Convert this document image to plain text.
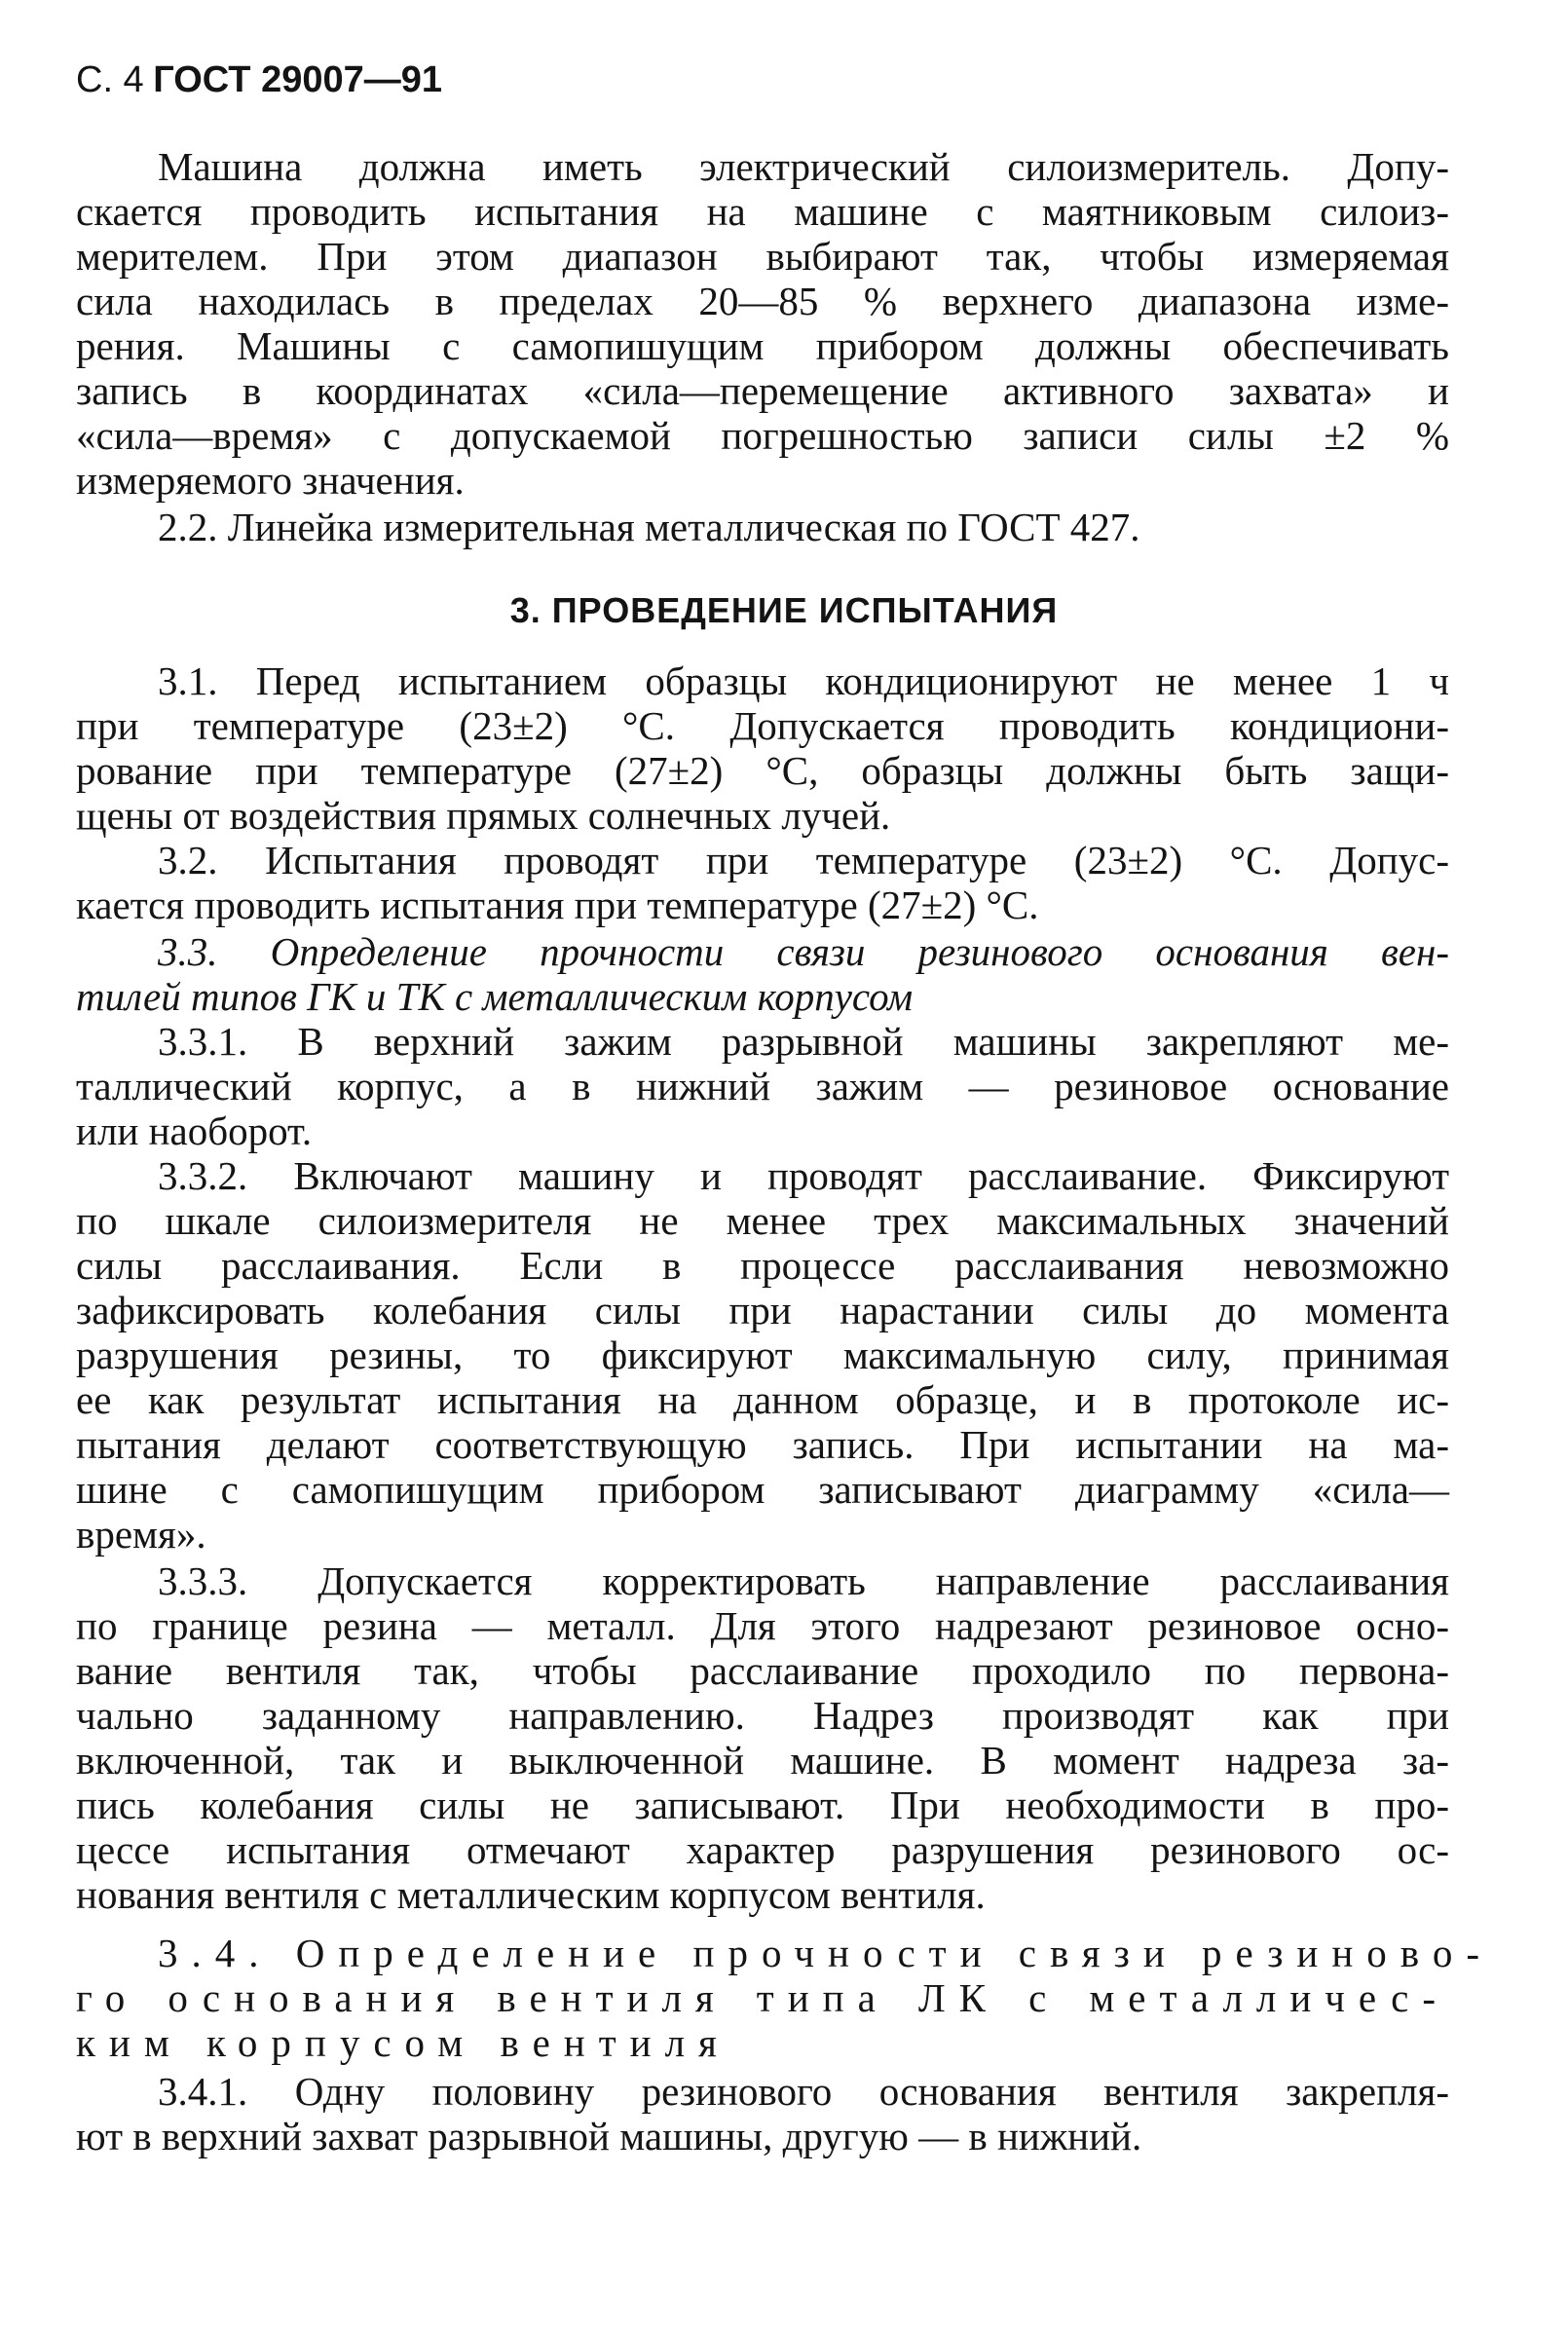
С. 4 ГОСТ 29007—91
Машина должна иметь электрический силоизмеритель. Допу-
скается проводить испытания на машине с маятниковым силоиз-
мерителем. При этом диапазон выбирают так, чтобы измеряемая
сила находилась в пределах 20—85 % верхнего диапазона изме-
рения. Машины с самопишущим прибором должны обеспечивать
запись в координатах «сила—перемещение активного захвата» и
«сила—время» с допускаемой погрешностью записи силы ±2 %
измеряемого значения.
2.2. Линейка измерительная металлическая по ГОСТ 427.
3. ПРОВЕДЕНИЕ ИСПЫТАНИЯ
3.1. Перед испытанием образцы кондиционируют не менее 1 ч
при температуре (23±2) °С. Допускается проводить кондициони-
рование при температуре (27±2) °С, образцы должны быть защи-
щены от воздействия прямых солнечных лучей.
3.2. Испытания проводят при температуре (23±2) °С. Допус-
кается проводить испытания при температуре (27±2) °С.
3.3. Определение прочности связи резинового основания вен-
тилей типов ГК и ТК с металлическим корпусом
3.3.1. В верхний зажим разрывной машины закрепляют ме-
таллический корпус, а в нижний зажим — резиновое основание
или наоборот.
3.3.2. Включают машину и проводят расслаивание. Фиксируют
по шкале силоизмерителя не менее трех максимальных значений
силы расслаивания. Если в процессе расслаивания невозможно
зафиксировать колебания силы при нарастании силы до момента
разрушения резины, то фиксируют максимальную силу, принимая
ее как результат испытания на данном образце, и в протоколе ис-
пытания делают соответствующую запись. При испытании на ма-
шине с самопишущим прибором записывают диаграмму «сила—
время».
3.3.3. Допускается корректировать направление расслаивания
по границе резина — металл. Для этого надрезают резиновое осно-
вание вентиля так, чтобы расслаивание проходило по первона-
чально заданному направлению. Надрез производят как при
включенной, так и выключенной машине. В момент надреза за-
пись колебания силы не записывают. При необходимости в про-
цессе испытания отмечают характер разрушения резинового ос-
нования вентиля с металлическим корпусом вентиля.
3.4. Определение прочности связи резиново-
го основания вентиля типа ЛК с металличес-
ким корпусом вентиля
3.4.1. Одну половину резинового основания вентиля закрепля-
ют в верхний захват разрывной машины, другую — в нижний.
